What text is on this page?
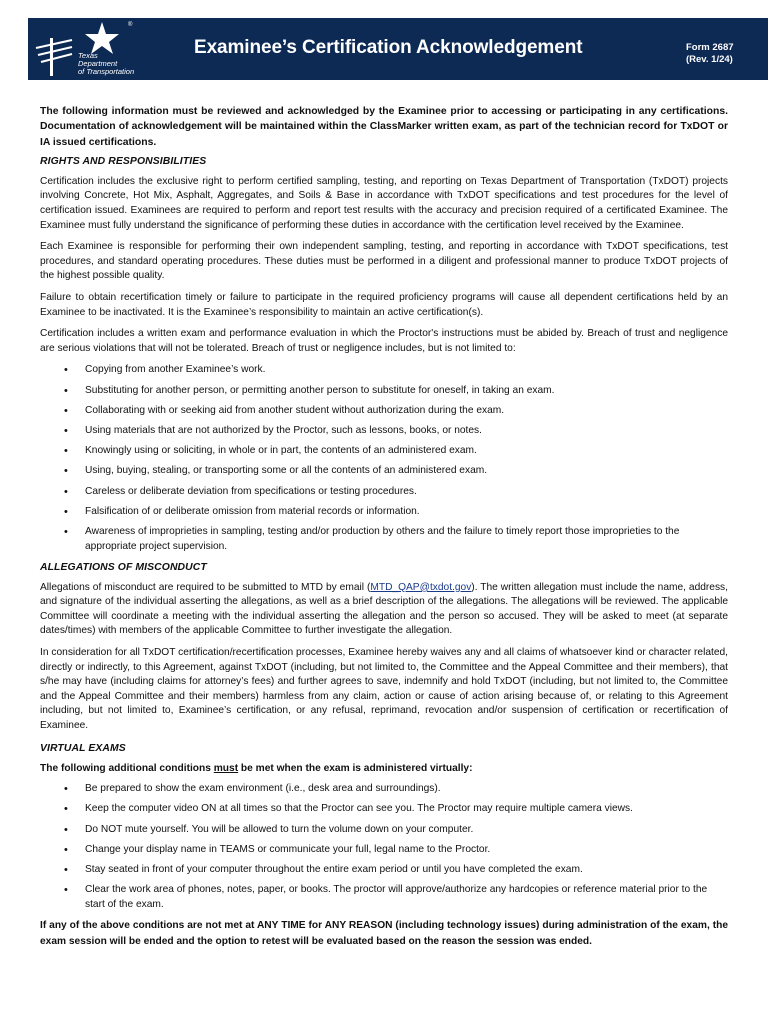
®
Texas
Department
of Transportation
Examinee’s Certification Acknowledgement	Form 2687
(Rev. 1/24)

The following information must be reviewed and acknowledged by the Examinee prior to accessing or participating in any certifications. Documentation of acknowledgement will be maintained within the ClassMarker written exam, as part of the technician record for TxDOT or IA issued certifications.

RIGHTS AND RESPONSIBILITIES

Certification includes the exclusive right to perform certified sampling, testing, and reporting on Texas Department of Transportation (TxDOT) projects involving Concrete, Hot Mix, Asphalt, Aggregates, and Soils & Base in accordance with TxDOT specifications and test procedures for the level of certification issued. Examinees are required to perform and report test results with the accuracy and precision required of a certificated Examinee. The Examinee must fully understand the significance of performing these duties in accordance with the certification level received by the Examinee.

Each Examinee is responsible for performing their own independent sampling, testing, and reporting in accordance with TxDOT specifications, test procedures, and standard operating procedures. These duties must be performed in a diligent and professional manner to produce TxDOT projects of the highest possible quality.

Failure to obtain recertification timely or failure to participate in the required proficiency programs will cause all dependent certifications held by an Examinee to be inactivated. It is the Examinee’s responsibility to maintain an active certification(s).

Certification includes a written exam and performance evaluation in which the Proctor's instructions must be abided by. Breach of trust and negligence are serious violations that will not be tolerated. Breach of trust or negligence includes, but is not limited to:

• Copying from another Examinee’s work.
• Substituting for another person, or permitting another person to substitute for oneself, in taking an exam.
• Collaborating with or seeking aid from another student without authorization during the exam.
• Using materials that are not authorized by the Proctor, such as lessons, books, or notes.
• Knowingly using or soliciting, in whole or in part, the contents of an administered exam.
• Using, buying, stealing, or transporting some or all the contents of an administered exam.
• Careless or deliberate deviation from specifications or testing procedures.
• Falsification of or deliberate omission from material records or information.
• Awareness of improprieties in sampling, testing and/or production by others and the failure to timely report those improprieties to the appropriate project supervision.
ALLEGATIONS OF MISCONDUCT

Allegations of misconduct are required to be submitted to MTD by email (MTD_QAP@txdot.gov). The written allegation must include the name, address, and signature of the individual asserting the allegations, as well as a brief description of the allegations. The allegations will be reviewed. The applicable Committee will coordinate a meeting with the individual asserting the allegation and the person so accused. They will be asked to meet (at separate dates/times) with members of the applicable Committee to further investigate the allegation.

In consideration for all TxDOT certification/recertification processes, Examinee hereby waives any and all claims of whatsoever kind or character related, directly or indirectly, to this Agreement, against TxDOT (including, but not limited to, the Committee and the Appeal Committee and their members), that s/he may have (including claims for attorney’s fees) and further agrees to save, indemnify and hold TxDOT (including, but not limited to, the Committee and the Appeal Committee and their members) harmless from any claim, action or cause of action arising because of, or relating to this Agreement including, but not limited to, Examinee’s certification, or any refusal, reprimand, revocation and/or suspension of certification or recertification of Examinee.

VIRTUAL EXAMS

The following additional conditions must be met when the exam is administered virtually:

• Be prepared to show the exam environment (i.e., desk area and surroundings).
• Keep the computer video ON at all times so that the Proctor can see you. The Proctor may require multiple camera views.
• Do NOT mute yourself. You will be allowed to turn the volume down on your computer.
• Change your display name in TEAMS or communicate your full, legal name to the Proctor.
• Stay seated in front of your computer throughout the entire exam period or until you have completed the exam.
• Clear the work area of phones, notes, paper, or books. The proctor will approve/authorize any hardcopies or reference material prior to the start of the exam.

If any of the above conditions are not met at ANY TIME for ANY REASON (including technology issues) during administration of the exam, the exam session will be ended and the option to retest will be evaluated based on the reason the session was ended.
